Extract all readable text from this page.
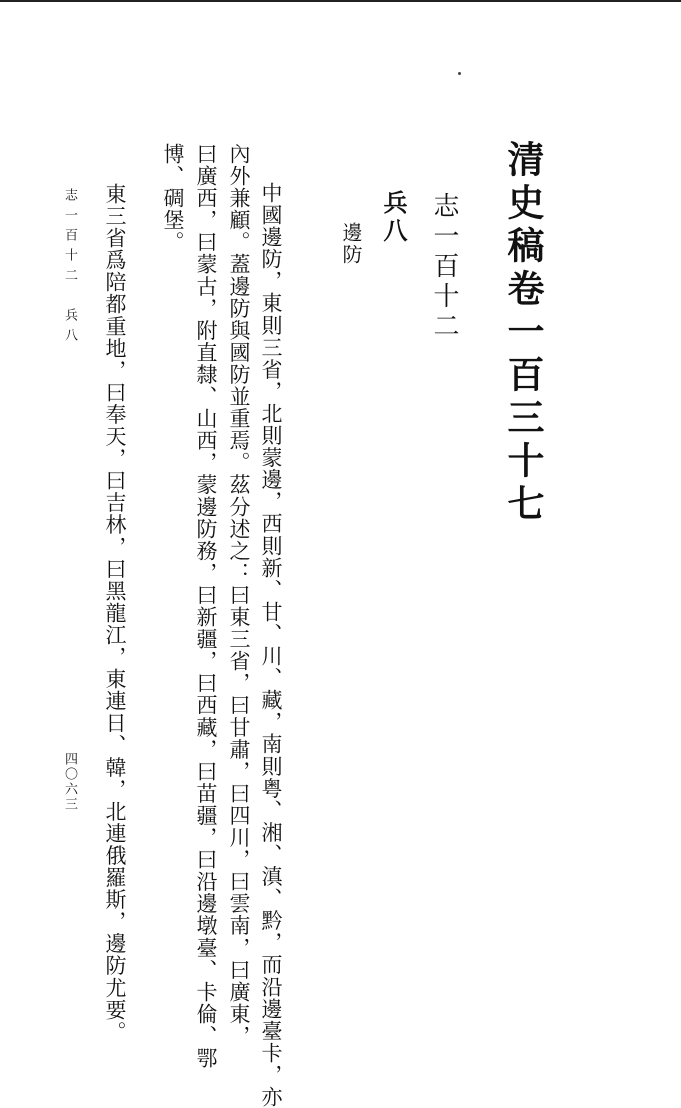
清史稿卷一百三十七
志一百十二
兵八
邊防
中國邊防，東則三省，北則蒙邊，西則新、甘、川、藏，南則粤、湘、滇、黔，而沿邊臺卡，亦
內外兼顧。蓋邊防與國防並重焉。茲分述之：曰東三省，曰甘肅，曰四川，曰雲南，曰廣東，
曰廣西，曰蒙古，附直隸、山西，蒙邊防務，曰新疆，曰西藏，曰苗疆，曰沿邊墩臺、卡倫、鄂
博、碉堡。
東三省爲陪都重地，曰奉天，曰吉林，曰黑龍江，東連日、韓，北連俄羅斯，邊防尤要。
志一百十二　兵八
四〇六三
